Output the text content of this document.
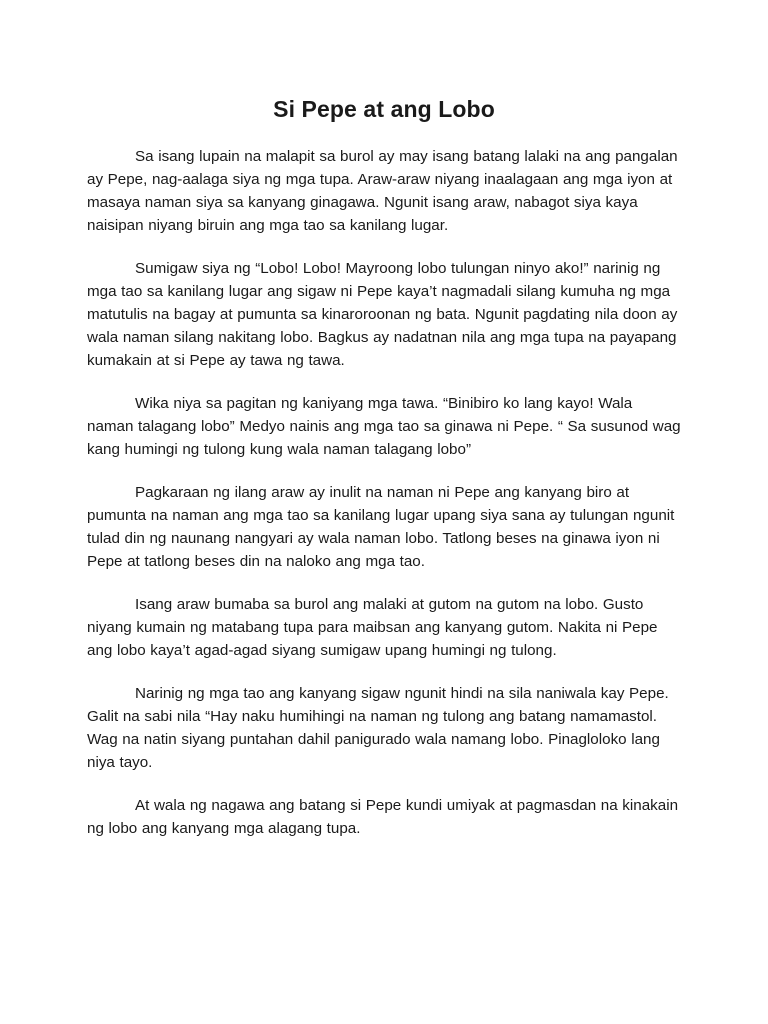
Si Pepe at ang Lobo

Sa isang lupain na malapit sa burol ay may isang batang lalaki na ang pangalan ay Pepe, nag-aalaga siya ng mga tupa. Araw-araw niyang inaalagaan ang mga iyon at masaya naman siya sa kanyang ginagawa. Ngunit isang araw, nabagot siya kaya naisipan niyang biruin ang mga tao sa kanilang lugar.

Sumigaw siya ng “Lobo! Lobo! Mayroong lobo tulungan ninyo ako!” narinig ng mga tao sa kanilang lugar ang sigaw ni Pepe kaya’t nagmadali silang kumuha ng mga matutulis na bagay at pumunta sa kinaroroonan ng bata. Ngunit pagdating nila doon ay wala naman silang nakitang lobo. Bagkus ay nadatnan nila ang mga tupa na payapang kumakain at si Pepe ay tawa ng tawa.

Wika niya sa pagitan ng kaniyang mga tawa. “Binibiro ko lang kayo! Wala naman talagang lobo” Medyo nainis ang mga tao sa ginawa ni Pepe. “ Sa susunod wag kang humingi ng tulong kung wala naman talagang lobo”

Pagkaraan ng ilang araw ay inulit na naman ni Pepe ang kanyang biro at pumunta na naman ang mga tao sa kanilang lugar upang siya sana ay tulungan ngunit tulad din ng naunang nangyari ay wala naman lobo. Tatlong beses na ginawa iyon ni Pepe at tatlong beses din na naloko ang mga tao.

Isang araw bumaba sa burol ang malaki at gutom na gutom na lobo. Gusto niyang kumain ng matabang tupa para maibsan ang kanyang gutom. Nakita ni Pepe ang lobo kaya’t agad-agad siyang sumigaw upang humingi ng tulong.

Narinig ng mga tao ang kanyang sigaw ngunit hindi na sila naniwala kay Pepe. Galit na sabi nila “Hay naku humihingi na naman ng tulong ang batang namamastol. Wag na natin siyang puntahan dahil panigurado wala namang lobo. Pinagloloko lang niya tayo.

At wala ng nagawa ang batang si Pepe kundi umiyak at pagmasdan na kinakain ng lobo ang kanyang mga alagang tupa.
